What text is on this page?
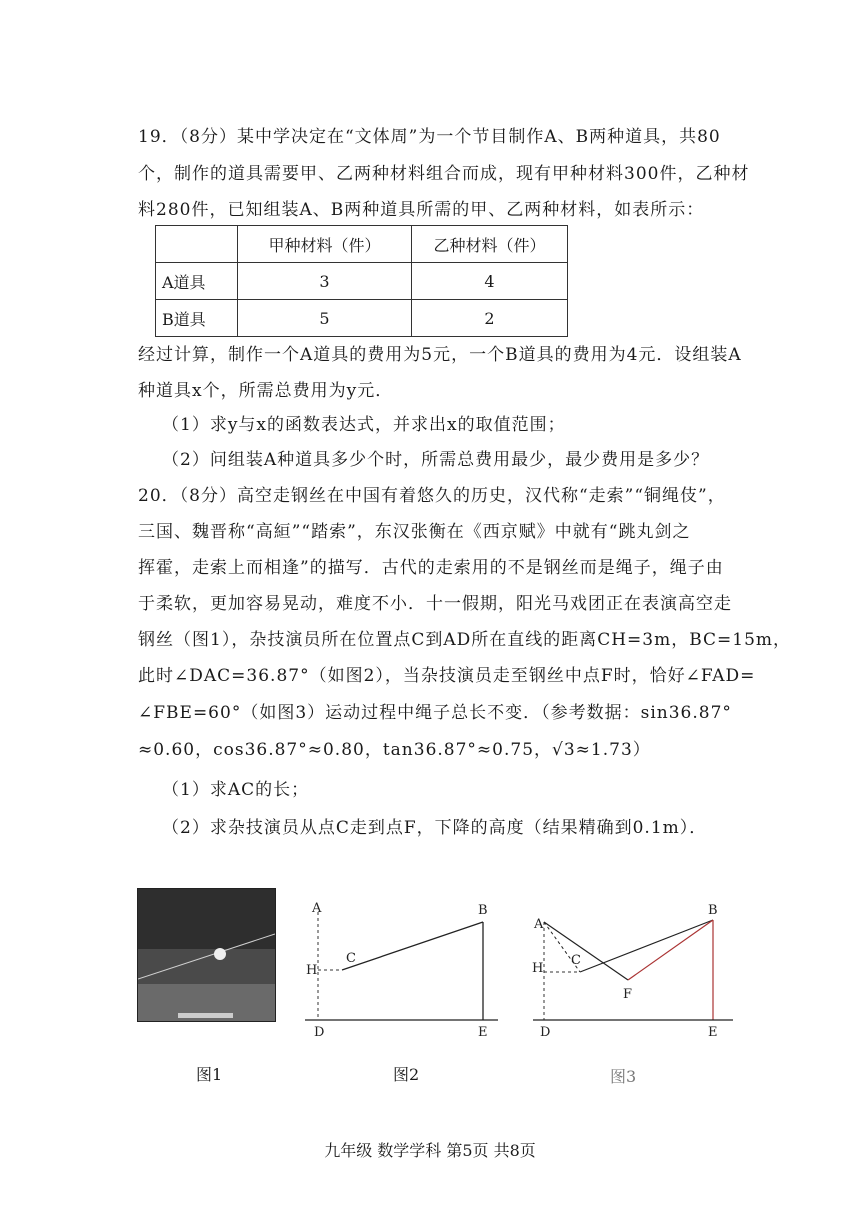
19．（8分）某中学决定在“文体周”为一个节目制作A、B两种道具，共80
个，制作的道具需要甲、乙两种材料组合而成，现有甲种材料300件，乙种材
料280件，已知组装A、B两种道具所需的甲、乙两种材料，如表所示：
	甲种材料（件）	乙种材料（件）
A道具	3	4
B道具	5	2
经过计算，制作一个A道具的费用为5元，一个B道具的费用为4元．设组装A
种道具x个，所需总费用为y元．
（1）求y与x的函数表达式，并求出x的取值范围；
（2）问组装A种道具多少个时，所需总费用最少，最少费用是多少？
20．（8分）高空走钢丝在中国有着悠久的历史，汉代称“走索”“铜绳伎”，
三国、魏晋称“高絙”“踏索”，东汉张衡在《西京赋》中就有“跳丸剑之
挥霍，走索上而相逢”的描写．古代的走索用的不是钢丝而是绳子，绳子由
于柔软，更加容易晃动，难度不小．十一假期，阳光马戏团正在表演高空走
钢丝（图1），杂技演员所在位置点C到AD所在直线的距离CH=3m，BC=15m，
此时∠DAC=36.87°（如图2），当杂技演员走至钢丝中点F时，恰好∠FAD=
∠FBE=60°（如图3）运动过程中绳子总长不变．（参考数据：sin36.87°
≈0.60，cos36.87°≈0.80，tan36.87°≈0.75，√3≈1.73）
（1）求AC的长；
（2）求杂技演员从点C走到点F，下降的高度（结果精确到0.1m）．
A	B
C
H
D	E
A
B
C
H
F
D	E
图1	图2	图3
九年级 数学学科 第5页 共8页
